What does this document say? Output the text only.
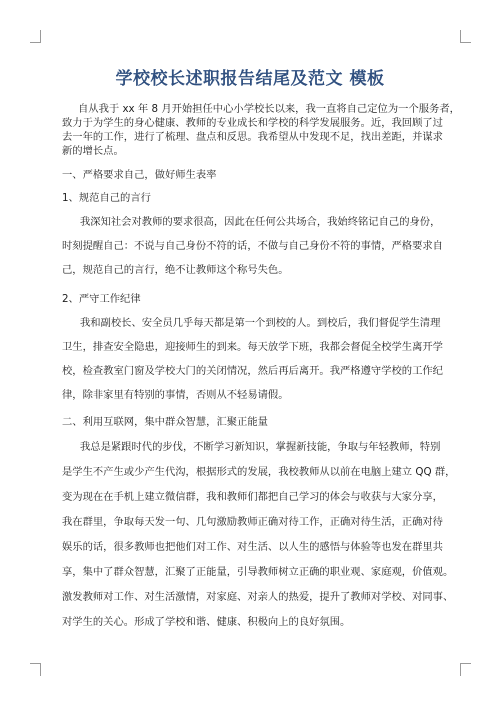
学校校长述职报告结尾及范文 模板
自从我于 xx 年 8 月开始担任中心小学校长以来，我一直将自己定位为一个服务者，
致力于为学生的身心健康、教师的专业成长和学校的科学发展服务。近，我回顾了过
去一年的工作，进行了梳理、盘点和反思。我希望从中发现不足，找出差距，并谋求
新的增长点。
一、严格要求自己，做好师生表率
1、规范自己的言行
我深知社会对教师的要求很高，因此在任何公共场合，我始终铭记自己的身份，
时刻提醒自己：不说与自己身份不符的话，不做与自己身份不符的事情，严格要求自
己，规范自己的言行，绝不让教师这个称号失色。
2、严守工作纪律
我和副校长、安全员几乎每天都是第一个到校的人。到校后，我们督促学生清理
卫生，排查安全隐患，迎接师生的到来。每天放学下班，我都会督促全校学生离开学
校，检查教室门窗及学校大门的关闭情况，然后再后离开。我严格遵守学校的工作纪
律，除非家里有特别的事情，否则从不轻易请假。
二、利用互联网，集中群众智慧，汇聚正能量
我总是紧跟时代的步伐，不断学习新知识，掌握新技能，争取与年轻教师，特别
是学生不产生或少产生代沟，根据形式的发展，我校教师从以前在电脑上建立 QQ 群，
变为现在在手机上建立微信群，我和教师们都把自己学习的体会与收获与大家分享，
我在群里，争取每天发一句、几句激励教师正确对待工作，正确对待生活，正确对待
娱乐的话，很多教师也把他们对工作、对生活、以人生的感悟与体验等也发在群里共
享，集中了群众智慧，汇聚了正能量，引导教师树立正确的职业观、家庭观，价值观。
激发教师对工作、对生活激情，对家庭、对亲人的热爱，提升了教师对学校、对同事、
对学生的关心。形成了学校和谐、健康、积极向上的良好氛围。
